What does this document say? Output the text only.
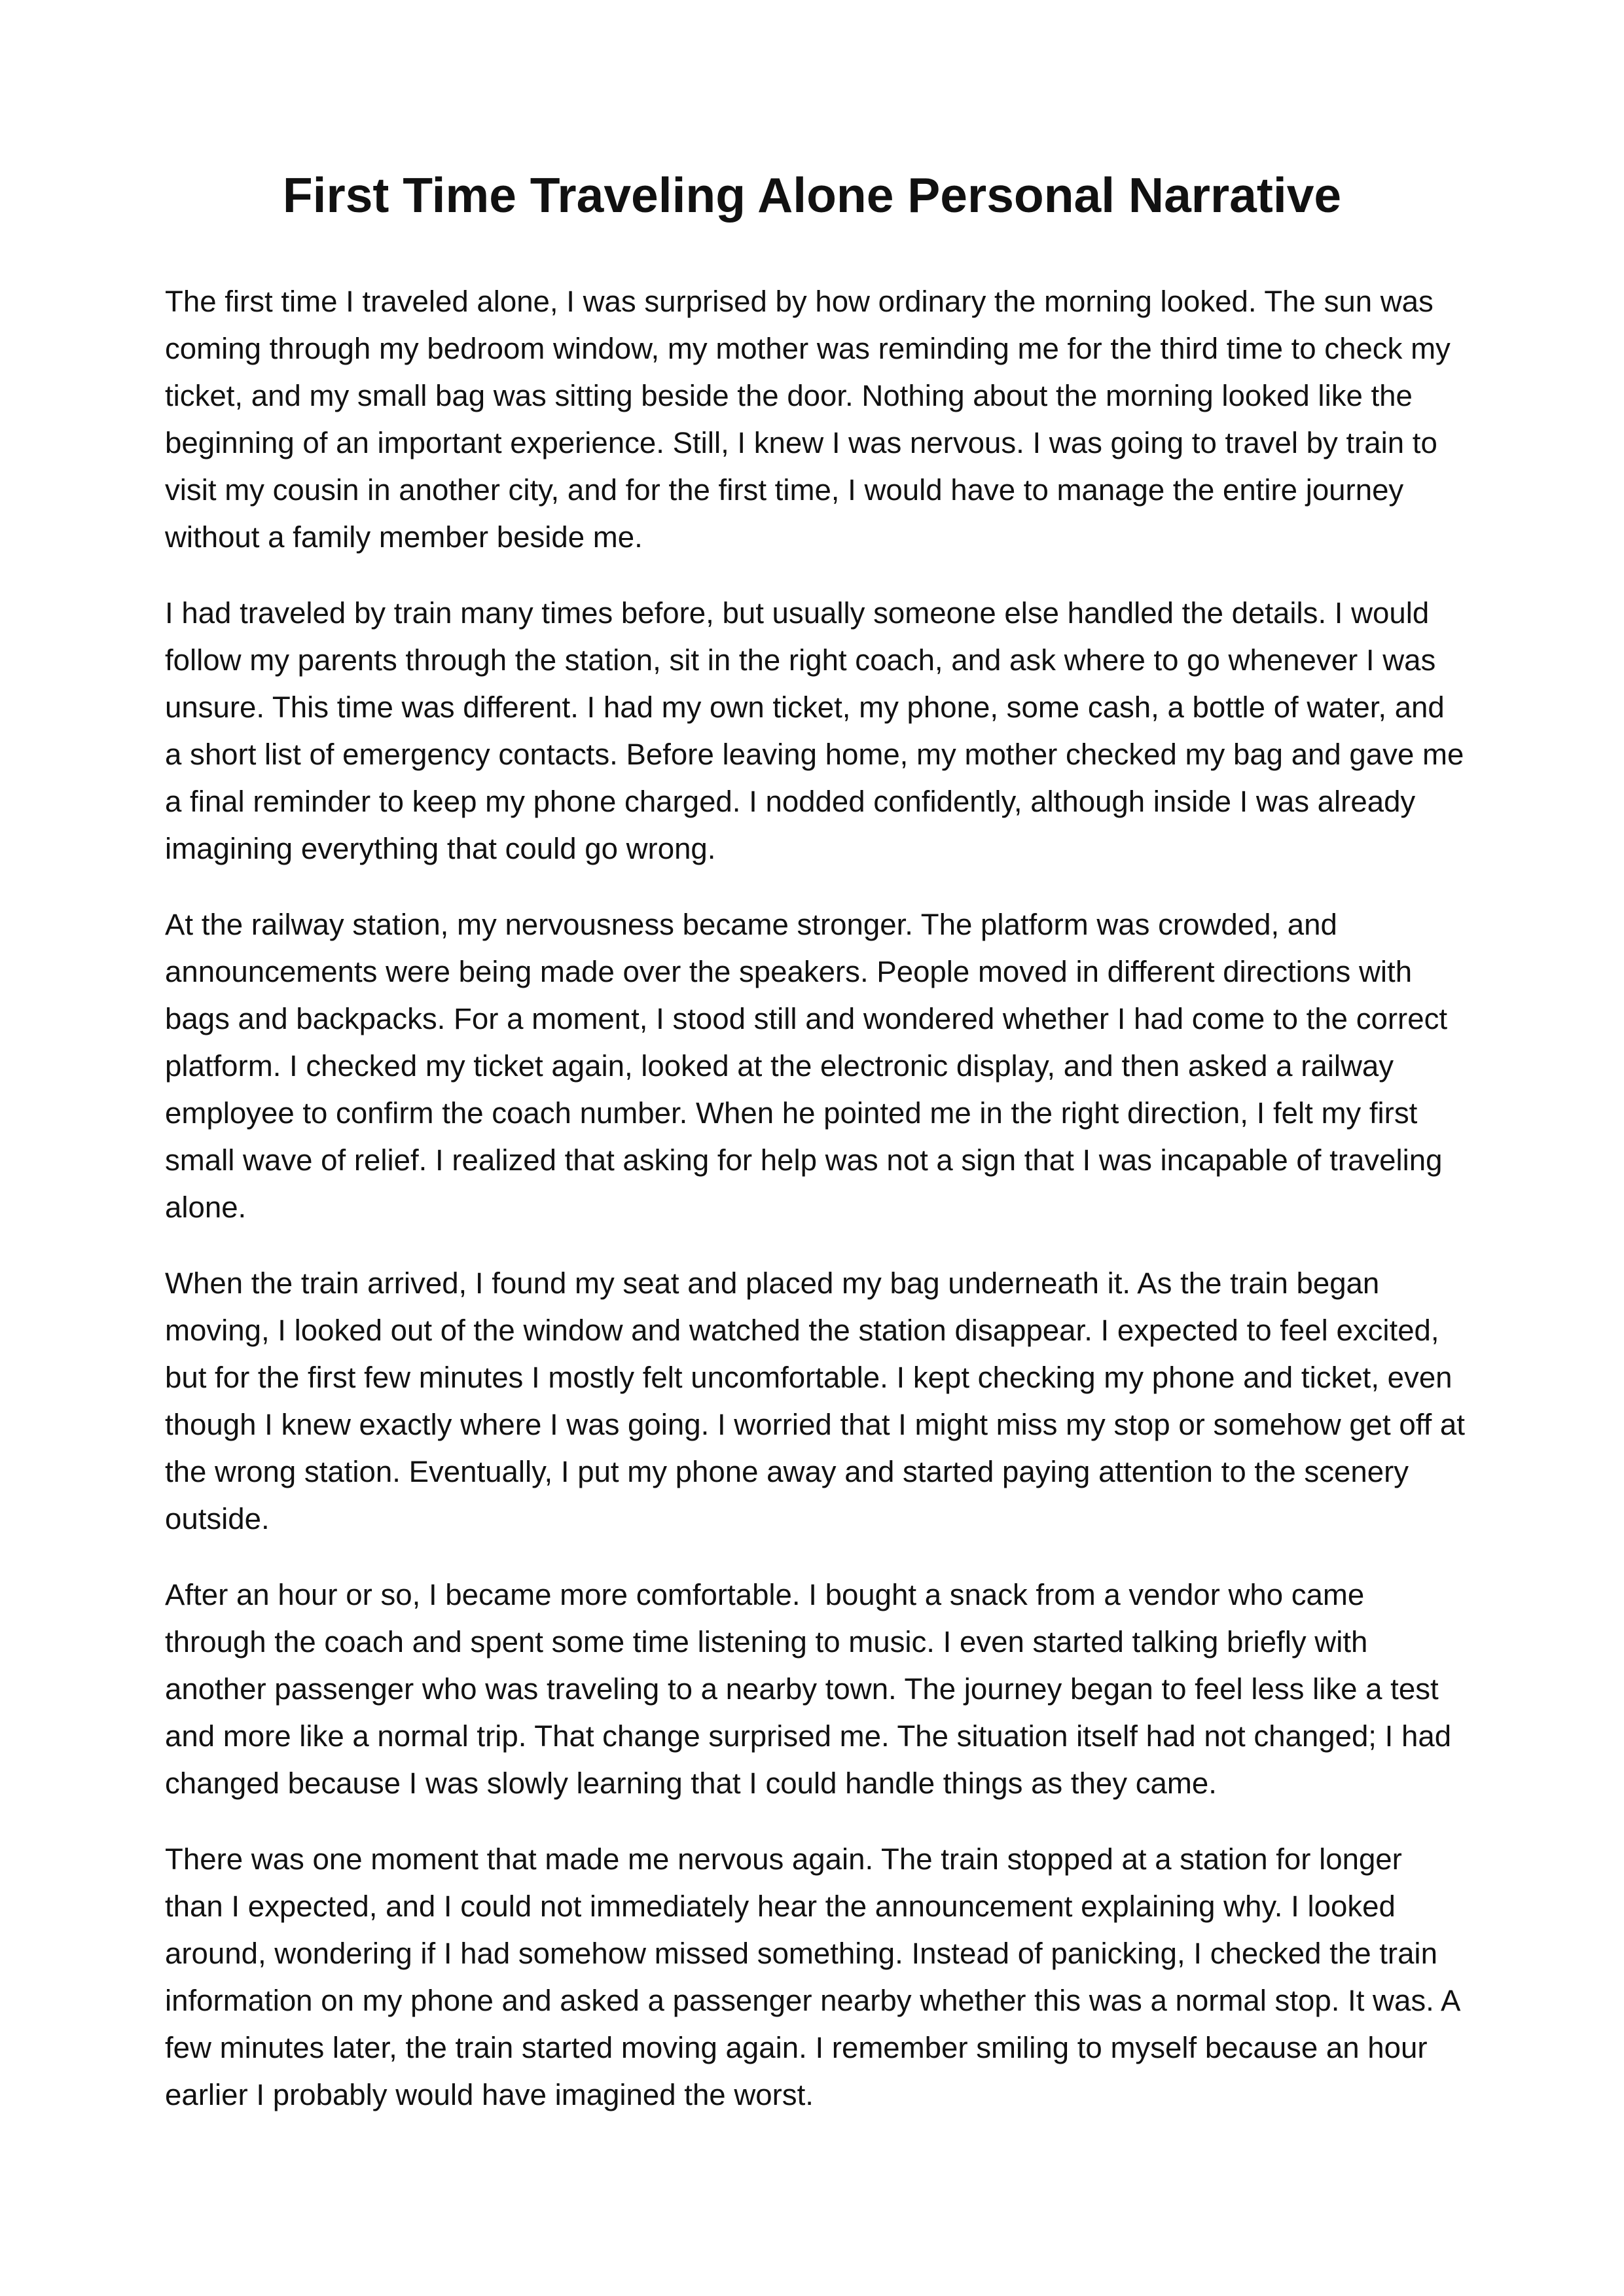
First Time Traveling Alone Personal Narrative

The first time I traveled alone, I was surprised by how ordinary the morning looked. The sun was coming through my bedroom window, my mother was reminding me for the third time to check my ticket, and my small bag was sitting beside the door. Nothing about the morning looked like the beginning of an important experience. Still, I knew I was nervous. I was going to travel by train to visit my cousin in another city, and for the first time, I would have to manage the entire journey without a family member beside me.

I had traveled by train many times before, but usually someone else handled the details. I would follow my parents through the station, sit in the right coach, and ask where to go whenever I was unsure. This time was different. I had my own ticket, my phone, some cash, a bottle of water, and a short list of emergency contacts. Before leaving home, my mother checked my bag and gave me a final reminder to keep my phone charged. I nodded confidently, although inside I was already imagining everything that could go wrong.

At the railway station, my nervousness became stronger. The platform was crowded, and announcements were being made over the speakers. People moved in different directions with bags and backpacks. For a moment, I stood still and wondered whether I had come to the correct platform. I checked my ticket again, looked at the electronic display, and then asked a railway employee to confirm the coach number. When he pointed me in the right direction, I felt my first small wave of relief. I realized that asking for help was not a sign that I was incapable of traveling alone.

When the train arrived, I found my seat and placed my bag underneath it. As the train began moving, I looked out of the window and watched the station disappear. I expected to feel excited, but for the first few minutes I mostly felt uncomfortable. I kept checking my phone and ticket, even though I knew exactly where I was going. I worried that I might miss my stop or somehow get off at the wrong station. Eventually, I put my phone away and started paying attention to the scenery outside.

After an hour or so, I became more comfortable. I bought a snack from a vendor who came through the coach and spent some time listening to music. I even started talking briefly with another passenger who was traveling to a nearby town. The journey began to feel less like a test and more like a normal trip. That change surprised me. The situation itself had not changed; I had changed because I was slowly learning that I could handle things as they came.

There was one moment that made me nervous again. The train stopped at a station for longer than I expected, and I could not immediately hear the announcement explaining why. I looked around, wondering if I had somehow missed something. Instead of panicking, I checked the train information on my phone and asked a passenger nearby whether this was a normal stop. It was. A few minutes later, the train started moving again. I remember smiling to myself because an hour earlier I probably would have imagined the worst.
